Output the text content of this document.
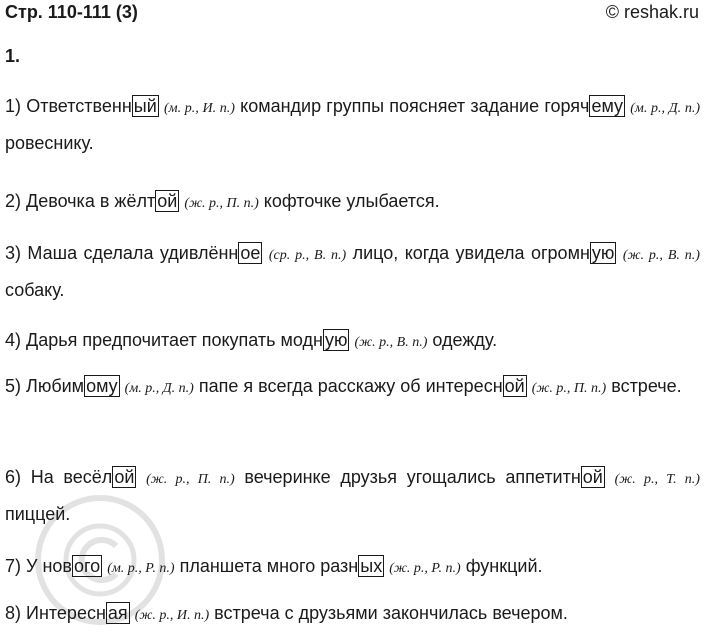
Стр. 110-111 (3)	© reshak.ru
1.
1) Ответственн ый (м. р., И. п.) командир группы поясняет задание горяч ему (м. р., Д. п.) ровеснику.
2) Девочка в жёлт ой (ж. р., П. п.) кофточке улыбается.
3) Маша сделала удивлённ ое (ср. р., В. п.) лицо, когда увидела огромн ую (ж. р., В. п.) собаку.
4) Дарья предпочитает покупать модн ую (ж. р., В. п.) одежду.
5) Любим ому (м. р., Д. п.) папе я всегда расскажу об интересн ой (ж. р., П. п.) встрече.
6) На весёл ой (ж. р., П. п.) вечеринке друзья угощались аппетитн ой (ж. р., Т. п.) пиццей.
7) У нов ого (м. р., Р. п.) планшета много разн ых (ж. р., Р. п.) функций.
8) Интересн ая (ж. р., И. п.) встреча с друзьями закончилась вечером.
